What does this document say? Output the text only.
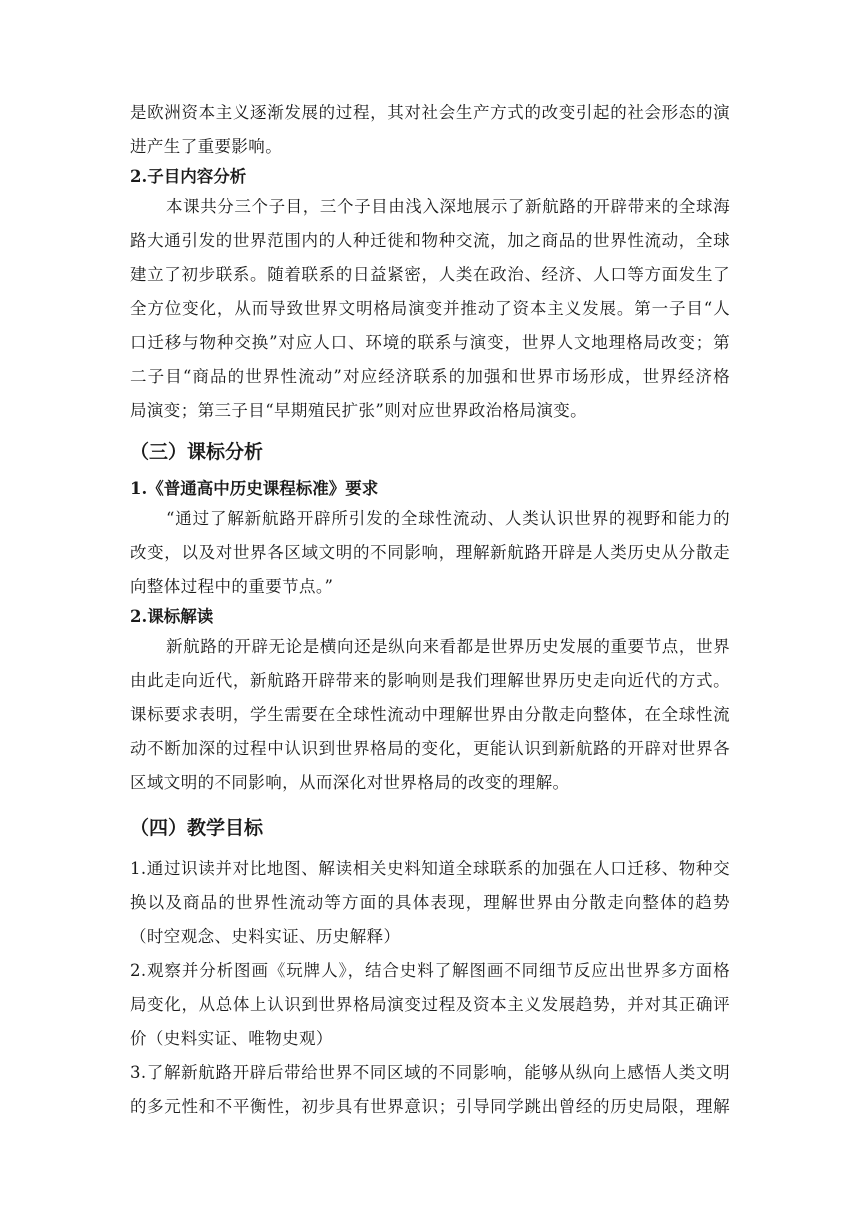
是欧洲资本主义逐渐发展的过程，其对社会生产方式的改变引起的社会形态的演
进产生了重要影响。

2.子目内容分析

本课共分三个子目，三个子目由浅入深地展示了新航路的开辟带来的全球海
路大通引发的世界范围内的人种迁徙和物种交流，加之商品的世界性流动，全球
建立了初步联系。随着联系的日益紧密，人类在政治、经济、人口等方面发生了
全方位变化，从而导致世界文明格局演变并推动了资本主义发展。第一子目“人
口迁移与物种交换”对应人口、环境的联系与演变，世界人文地理格局改变；第
二子目“商品的世界性流动”对应经济联系的加强和世界市场形成，世界经济格
局演变；第三子目“早期殖民扩张”则对应世界政治格局演变。

（三）课标分析

1.《普通高中历史课程标准》要求

“通过了解新航路开辟所引发的全球性流动、人类认识世界的视野和能力的
改变，以及对世界各区域文明的不同影响，理解新航路开辟是人类历史从分散走
向整体过程中的重要节点。”

2.课标解读

新航路的开辟无论是横向还是纵向来看都是世界历史发展的重要节点，世界
由此走向近代，新航路开辟带来的影响则是我们理解世界历史走向近代的方式。
课标要求表明，学生需要在全球性流动中理解世界由分散走向整体，在全球性流
动不断加深的过程中认识到世界格局的变化，更能认识到新航路的开辟对世界各
区域文明的不同影响，从而深化对世界格局的改变的理解。

（四）教学目标

1.通过识读并对比地图、解读相关史料知道全球联系的加强在人口迁移、物种交
换以及商品的世界性流动等方面的具体表现，理解世界由分散走向整体的趋势
（时空观念、史料实证、历史解释）

2.观察并分析图画《玩牌人》，结合史料了解图画不同细节反应出世界多方面格
局变化，从总体上认识到世界格局演变过程及资本主义发展趋势，并对其正确评
价（史料实证、唯物史观）

3.了解新航路开辟后带给世界不同区域的不同影响，能够从纵向上感悟人类文明
的多元性和不平衡性，初步具有世界意识；引导同学跳出曾经的历史局限，理解
